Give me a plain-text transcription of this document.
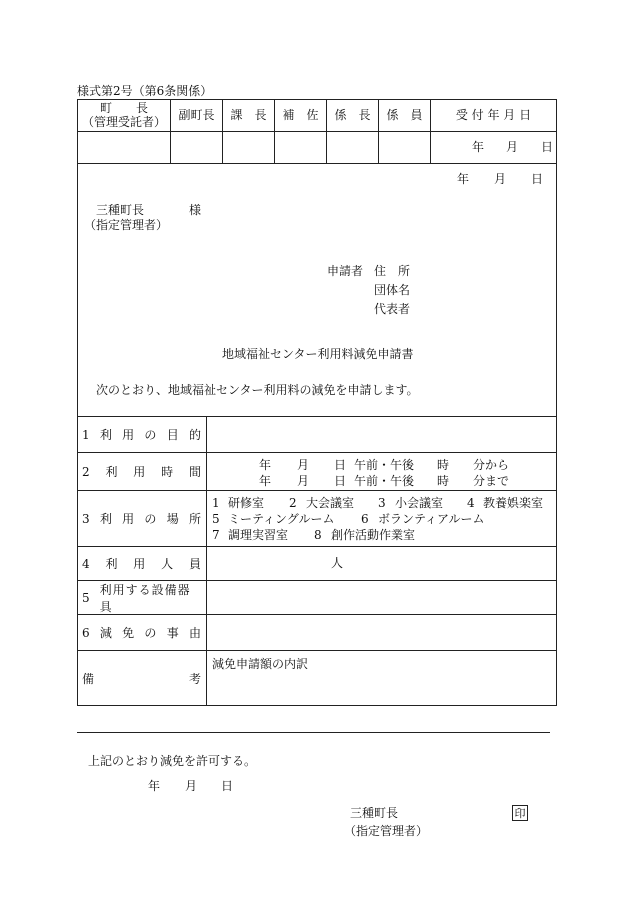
様式第2号（第6条関係）
町　　長
（管理受託者）	副町長	課　長	補　佐	係　長	係　員	受 付 年 月 日
年 月 日
年 月 日
三種町長	様
（指定管理者）
申請者 住　所
団体名
代表者
地域福祉センター利用料減免申請書
次のとおり、地域福祉センター利用料の減免を申請します。
1 利 用 の 目 的
2 利 用 時 間	年 月 日 午前・午後 時 分から
年 月 日 午前・午後 時 分まで
3 利 用 の 場 所
1 研修室 2 大会議室 3 小会議室 4 教養娯楽室
5 ミーティングルーム 6 ボランティアルーム
7 調理実習室 8 創作活動作業室
4 利 用 人 員	人
5
利用する設備器具
6 減 免 の 事 由
備	考
減免申請額の内訳
上記のとおり減免を許可する。
年 月 日
三種町長	印
（指定管理者）
